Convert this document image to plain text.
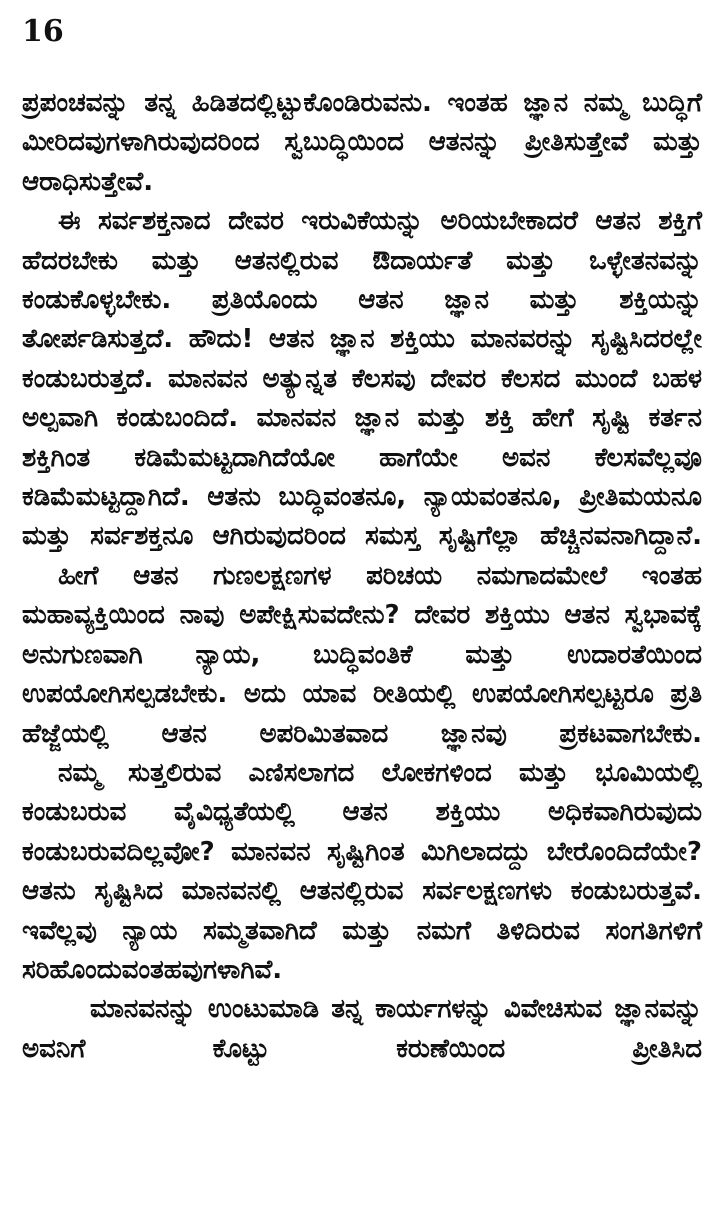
16

ಪ್ರಪಂಚವನ್ನು ತನ್ನ ಹಿಡಿತದಲ್ಲಿಟ್ಟುಕೊಂಡಿರುವನು. ಇಂತಹ ಜ್ಞಾನ ನಮ್ಮ ಬುದ್ಧಿಗೆ ಮೀರಿದವುಗಳಾಗಿರುವುದರಿಂದ ಸ್ವಬುದ್ಧಿಯಿಂದ ಆತನನ್ನು ಪ್ರೀತಿಸುತ್ತೇವೆ ಮತ್ತು ಆರಾಧಿಸುತ್ತೇವೆ.

ಈ ಸರ್ವಶಕ್ತನಾದ ದೇವರ ಇರುವಿಕೆಯನ್ನು ಅರಿಯಬೇಕಾದರೆ ಆತನ ಶಕ್ತಿಗೆ ಹೆದರಬೇಕು ಮತ್ತು ಆತನಲ್ಲಿರುವ ಔದಾರ್ಯತೆ ಮತ್ತು ಒಳ್ಳೇತನವನ್ನು ಕಂಡುಕೊಳ್ಳಬೇಕು. ಪ್ರತಿಯೊಂದು ಆತನ ಜ್ಞಾನ ಮತ್ತು ಶಕ್ತಿಯನ್ನು ತೋರ್ಪಡಿಸುತ್ತದೆ. ಹೌದು! ಆತನ ಜ್ಞಾನ ಶಕ್ತಿಯು ಮಾನವರನ್ನು ಸೃಷ್ಟಿಸಿದರಲ್ಲೇ ಕಂಡುಬರುತ್ತದೆ. ಮಾನವನ ಅತ್ಯುನ್ನತ ಕೆಲಸವು ದೇವರ ಕೆಲಸದ ಮುಂದೆ ಬಹಳ ಅಲ್ಪವಾಗಿ ಕಂಡುಬಂದಿದೆ. ಮಾನವನ ಜ್ಞಾನ ಮತ್ತು ಶಕ್ತಿ ಹೇಗೆ ಸೃಷ್ಟಿ ಕರ್ತನ ಶಕ್ತಿಗಿಂತ ಕಡಿಮೆಮಟ್ಟದಾಗಿದೆಯೋ ಹಾಗೆಯೇ ಅವನ ಕೆಲಸವೆಲ್ಲವೂ ಕಡಿಮೆಮಟ್ಟದ್ದಾಗಿದೆ. ಆತನು ಬುದ್ಧಿವಂತನೂ, ನ್ಯಾಯವಂತನೂ, ಪ್ರೀತಿಮಯನೂ ಮತ್ತು ಸರ್ವಶಕ್ತನೂ ಆಗಿರುವುದರಿಂದ ಸಮಸ್ತ ಸೃಷ್ಟಿಗೆಲ್ಲಾ ಹೆಚ್ಚಿನವನಾಗಿದ್ದಾನೆ.

ಹೀಗೆ ಆತನ ಗುಣಲಕ್ಷಣಗಳ ಪರಿಚಯ ನಮಗಾದಮೇಲೆ ಇಂತಹ ಮಹಾವ್ಯಕ್ತಿಯಿಂದ ನಾವು ಅಪೇಕ್ಷಿಸುವದೇನು? ದೇವರ ಶಕ್ತಿಯು ಆತನ ಸ್ವಭಾವಕ್ಕೆ ಅನುಗುಣವಾಗಿ ನ್ಯಾಯ, ಬುದ್ಧಿವಂತಿಕೆ ಮತ್ತು ಉದಾರತೆಯಿಂದ ಉಪಯೋಗಿಸಲ್ಪಡಬೇಕು. ಅದು ಯಾವ ರೀತಿಯಲ್ಲಿ ಉಪಯೋಗಿಸಲ್ಪಟ್ಟರೂ ಪ್ರತಿ ಹೆಜ್ಜೆಯಲ್ಲಿ ಆತನ ಅಪರಿಮಿತವಾದ ಜ್ಞಾನವು ಪ್ರಕಟವಾಗಬೇಕು.

ನಮ್ಮ ಸುತ್ತಲಿರುವ ಎಣಿಸಲಾಗದ ಲೋಕಗಳಿಂದ ಮತ್ತು ಭೂಮಿಯಲ್ಲಿ ಕಂಡುಬರುವ ವೈವಿಧ್ಯತೆಯಲ್ಲಿ ಆತನ ಶಕ್ತಿಯು ಅಧಿಕವಾಗಿರುವುದು ಕಂಡುಬರುವದಿಲ್ಲವೋ? ಮಾನವನ ಸೃಷ್ಟಿಗಿಂತ ಮಿಗಿಲಾದದ್ದು ಬೇರೊಂದಿದೆಯೇ? ಆತನು ಸೃಷ್ಟಿಸಿದ ಮಾನವನಲ್ಲಿ ಆತನಲ್ಲಿರುವ ಸರ್ವಲಕ್ಷಣಗಳು ಕಂಡುಬರುತ್ತವೆ. ಇವೆಲ್ಲವು ನ್ಯಾಯ ಸಮ್ಮತವಾಗಿದೆ ಮತ್ತು ನಮಗೆ ತಿಳಿದಿರುವ ಸಂಗತಿಗಳಿಗೆ ಸರಿಹೊಂದುವಂತಹವುಗಳಾಗಿವೆ.

ಮಾನವನನ್ನು ಉಂಟುಮಾಡಿ ತನ್ನ ಕಾರ್ಯಗಳನ್ನು ವಿವೇಚಿಸುವ ಜ್ಞಾನವನ್ನು ಅವನಿಗೆ ಕೊಟ್ಟು ಕರುಣೆಯಿಂದ ಪ್ರೀತಿಸಿದ
